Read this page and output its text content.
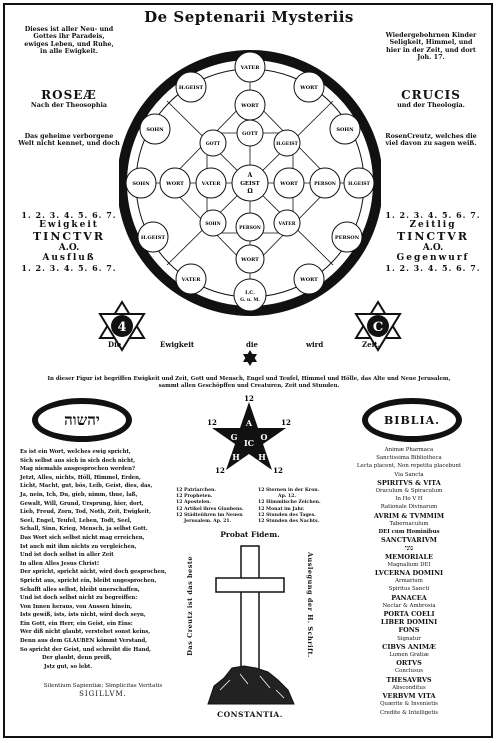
De Septenarii Mysteriis
Dieses ist aller Neu- und
Gottes ihr Paradeis,
ewiges Leben, und Ruhe,
in alle Ewigkeit.
Wiedergebohrnen Kinder
Seligkeit, Himmel, und
hier in der Zeit, und dort
Joh. 17.
ROSEÆ
Nach der Theosophia
CRUCIS
und der Theologia.
Das geheime verborgene
Welt nicht kennet, und doch
RosenCreutz, welches die
viel davon zu sagen weiß.
1. 2. 3. 4. 5. 6. 7.
Ewigkeit
TINCTVR
A.O.
Ausfluß
1. 2. 3. 4. 5. 6. 7.
1. 2. 3. 4. 5. 6. 7.
Zeitlig
TINCTVR
A.O.
Gegenwurf
1. 2. 3. 4. 5. 6. 7.
VATER
WORT
SOHN
PERSON
WORT
VATER
H.GEIST
SOHN
H.GEIST
WORT
GOTT
GOTT	H.GEIST
SOHN	VATER
PERSON
WORT
SOHN	WORT	VATER	WORT	PERSON	H.GEIST
A
GEIST
Ω
I.C.
G. u. M.
4	C
Die	Ewigkeit	die	wird	Zeit.
In dieser Figur ist begriffen Ewigkeit und Zeit, Gott und Mensch, Engel und Teufel, Himmel und Hölle, das Alte und Neue Jerusalem,
sammt allen Geschöpffen und Creaturen, Zeit und Stunden.
יהשוה	BIBLIA.
12
12	12
12	12
G	O
A
H H
IC
Es ist ein Wort, welches ewig spricht,
Sich selbst aus sich in sich doch nicht,
Mag niemahls ausgesprochen werden?
Jetzt, Alles, nichts, Höll, Himmel, Erden,
Licht, Macht, gut, bös, Leib, Geist, dies, das,
Ja, nein, Ich, Du, gieb, nimm, thue, laß,
Gewalt, Will, Grund, Ursprung, hier, dort,
Lieb, Freud, Zorn, Tod, Noth, Zeit, Ewigkeit,
Seel, Engel, Teufel, Leben, Todt, Seel,
Schall, Sinn, Krieg, Mensch, ja selbst Gott.
Das Wort sich selbst nicht mag erreichen,
Ist auch mit ihm nichts zu vergleichen,
Und ist doch selbst in aller Zeit
In allen Alles Jesus Christ!
Der spricht, spricht nicht, wird doch gesprochen,
Spricht aus, spricht ein, bleibt ungesprochen,
Schafft alles selbst, bleibt unerschaffen,
Und ist doch selbst nicht zu begreiffen:
Von Innen heraus, von Aussen hinein,
Ists gewiß, ists, ists nicht, wird doch seyn,
Ein Gott, ein Herr, ein Geist, ein Eins:
Wer diß nicht glaubt, verstehet sonst keins,
Denn aus dem GLAUBEN kömmt Verstand,
So spricht der Geist, und schreibt die Hand,
Der glaubt, denn preiß,
Jstz gut, so lebt.
Silentium Sapientiæ; Simplicitas Veritatis
SIGILLVM.
12 Patriarchen.
12 Propheten.
12 Apostelen.
12 Artikel ihres Glaubens.
12 Städteühren im Neuen
Jerusalem. Ap. 21.
12 Sternen in der Kron.
Ap. 12.
12 Himmlische Zeichen.
12 Monat im Jahr.
12 Stunden des Tages.
12 Stunden des Nachts.
Probat Fidem.
Das Creutz ist das beste	Auslegung der H. Schrift.
CONSTANTIA.
Animæ Pharmaca
Sanctissima Bibliotheca
Lecta placent, Non repetita placebunt
Via Sancta
SPIRITVS & VITA
Oraculum & Spiraculum
In Ho V H
Rationale Divinarum
AVRIM & TVMMIM
Tabernaculum
DEI cum Hominibus
SANCTVARIVM
נוני
MEMORIALE
Magnalium DEI
LVCERNA DOMINI
Armarium
Spiritus Sancti
PANACEA
Nectar & Ambrosia
PORTA COELI
LIBER DOMINI
FONS
Signatur
CIBVS ANIMÆ
Lumen Gratiæ
ORTVS
Conclusus
THESAVRVS
Absconditus
VERBVM VITA
Quærite & Invenietis
Credite & Intelligetis
